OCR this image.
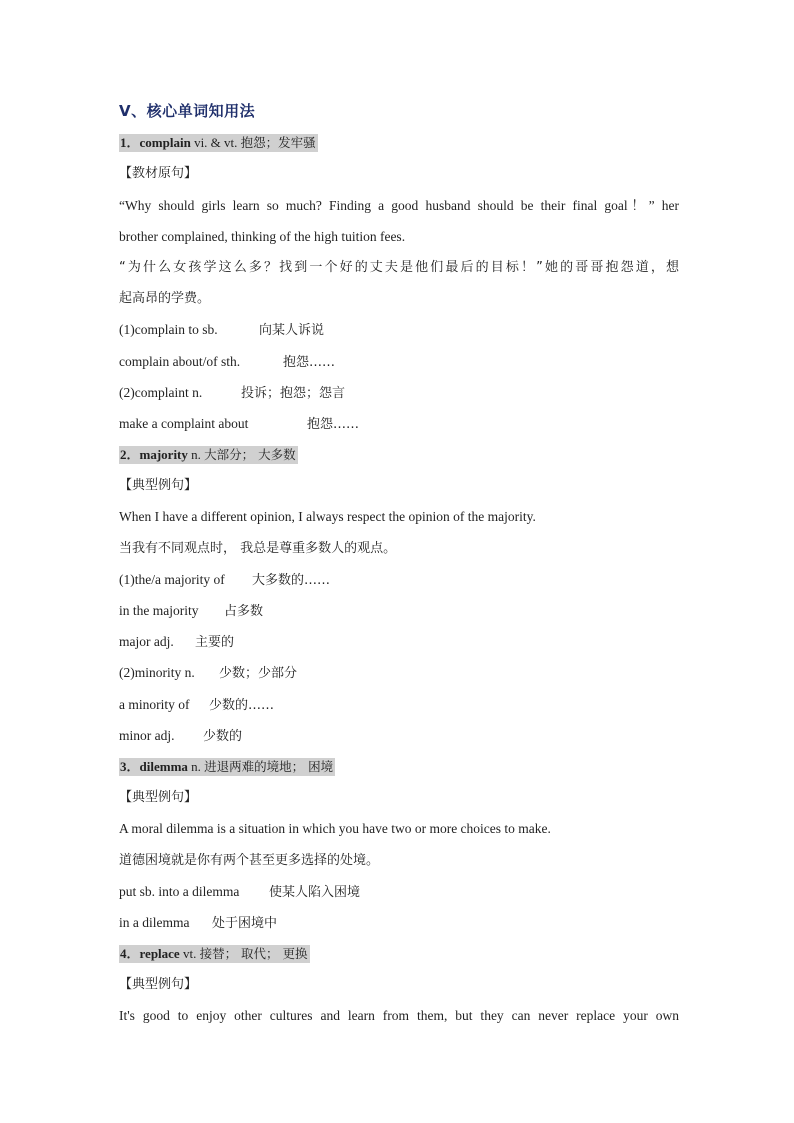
Ⅴ、核心单词知用法
1．complain vi. & vt. 抱怨；发牢骚
【教材原句】
“Why should girls learn so much? Finding a good husband should be their final goal！” her
brother complained, thinking of the high tuition fees.
“为什么女孩学这么多？找到一个好的丈夫是他们最后的目标！”她的哥哥抱怨道，想
起高昂的学费。
(1)complain to sb.	向某人诉说
complain about/of sth.	抱怨……
(2)complaint n.	投诉；抱怨；怨言
make a complaint about	抱怨……
2．majority n. 大部分； 大多数
【典型例句】
When I have a different opinion, I always respect the opinion of the majority.
当我有不同观点时， 我总是尊重多数人的观点。
(1)the/a majority of 大多数的……
in the majority 占多数
major adj. 主要的
(2)minority n. 少数；少部分
a minority of 少数的……
minor adj. 少数的
3．dilemma n. 进退两难的境地； 困境
【典型例句】
A moral dilemma is a situation in which you have two or more choices to make.
道德困境就是你有两个甚至更多选择的处境。
put sb. into a dilemma 使某人陷入困境
in a dilemma 处于困境中
4．replace vt. 接替； 取代； 更换
【典型例句】
It's good to enjoy other cultures and learn from them, but they can never replace your own
